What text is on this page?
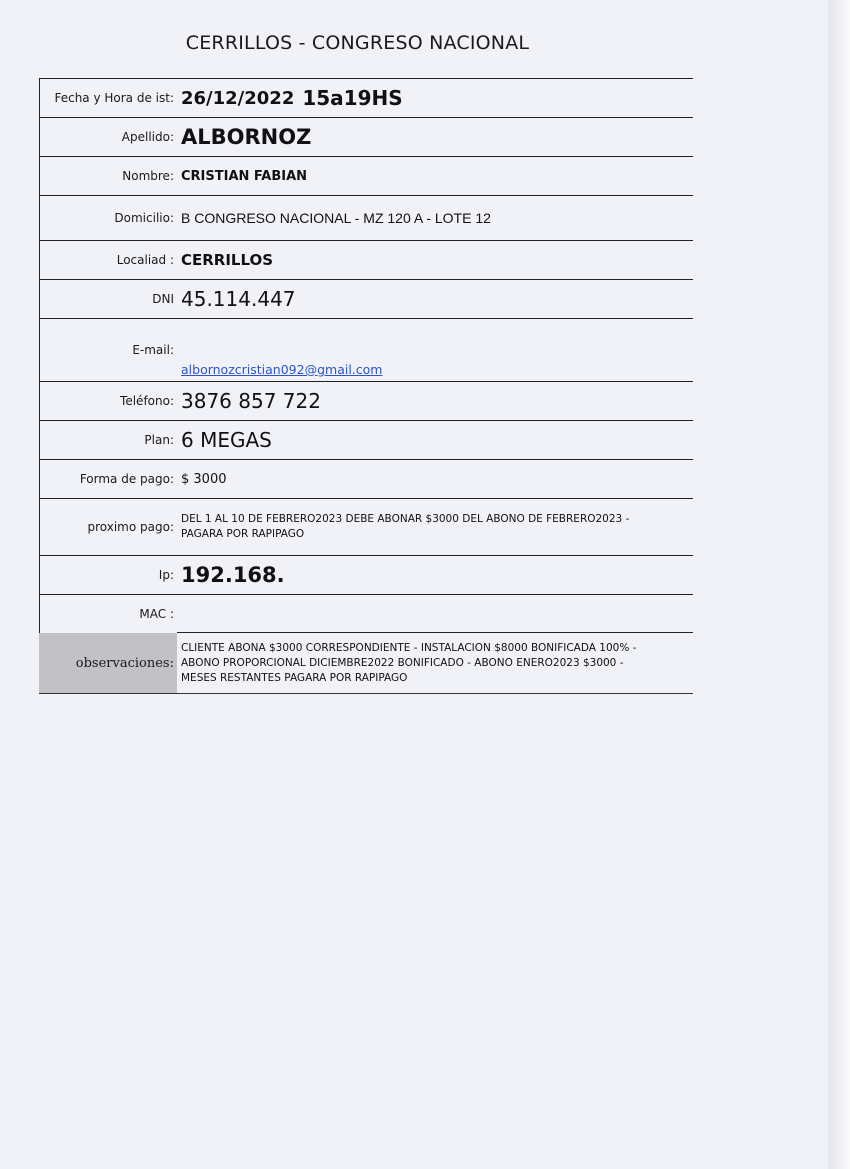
CERRILLOS - CONGRESO NACIONAL
Fecha y Hora de ist: 26/12/2022 15a19HS
Apellido: ALBORNOZ
Nombre: CRISTIAN FABIAN
Domicilio: B CONGRESO NACIONAL - MZ 120 A - LOTE 12
Localiad : CERRILLOS
DNI 45.114.447
E-mail:
albornozcristian092@gmail.com
Teléfono: 3876 857 722
Plan: 6 MEGAS
Forma de pago: $ 3000
proximo pago:
DEL 1 AL 10 DE FEBRERO2023 DEBE ABONAR $3000 DEL ABONO DE FEBRERO2023 -
PAGARA POR RAPIPAGO
Ip: 192.168.
MAC :
observaciones:
CLIENTE ABONA $3000 CORRESPONDIENTE - INSTALACION $8000 BONIFICADA 100% -
ABONO PROPORCIONAL DICIEMBRE2022 BONIFICADO - ABONO ENERO2023 $3000 -
MESES RESTANTES PAGARA POR RAPIPAGO
